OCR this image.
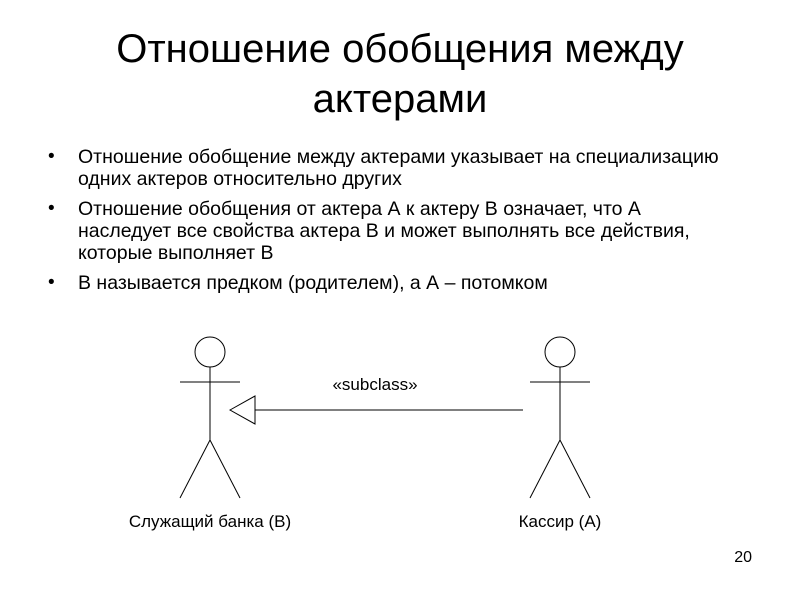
Отношение обобщения между актерами
• Отношение обобщение между актерами указывает на специализацию одних актеров относительно других
• Отношение обобщения от актера А к актеру В означает, что А наследует все свойства актера В и может выполнять все действия, которые выполняет В
• В называется предком (родителем), а А – потомком
«subclass»
Служащий банка (B)	Кассир (A)
20
